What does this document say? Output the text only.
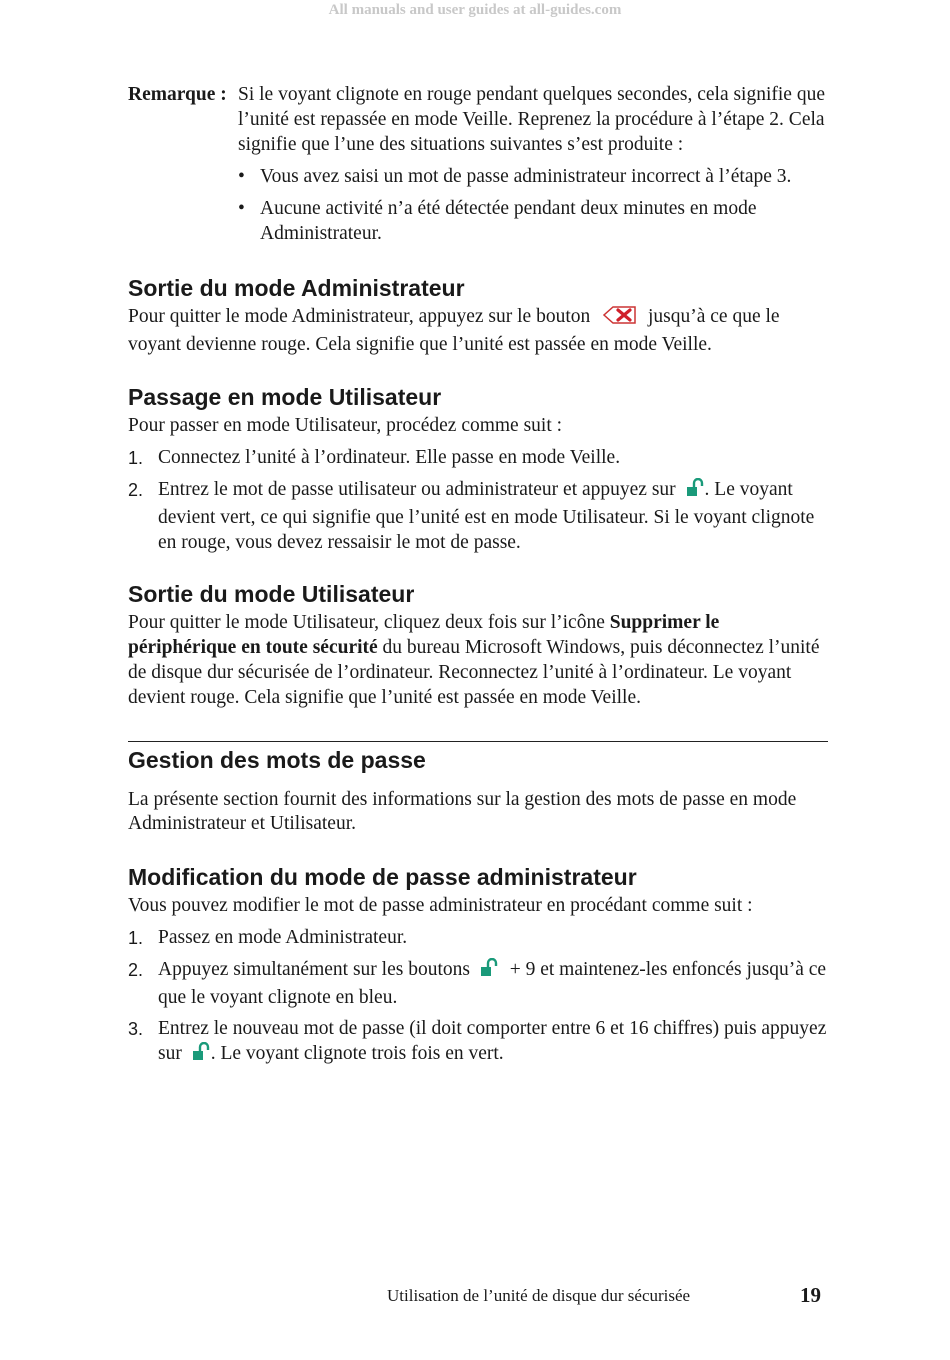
All manuals and user guides at all-guides.com
Remarque : Si le voyant clignote en rouge pendant quelques secondes, cela signifie que l’unité est repassée en mode Veille. Reprenez la procédure à l’étape 2. Cela signifie que l’une des situations suivantes s’est produite :

• Vous avez saisi un mot de passe administrateur incorrect à l’étape 3.
• Aucune activité n’a été détectée pendant deux minutes en mode Administrateur.
Sortie du mode Administrateur

Pour quitter le mode Administrateur, appuyez sur le bouton	jusqu’à ce que le voyant devienne rouge. Cela signifie que l’unité est passée en mode Veille.

Passage en mode Utilisateur

Pour passer en mode Utilisateur, procédez comme suit :

1. Connectez l’unité à l’ordinateur. Elle passe en mode Veille.
2. Entrez le mot de passe utilisateur ou administrateur et appuyez sur . Le voyant devient vert, ce qui signifie que l’unité est en mode Utilisateur. Si le voyant clignote en rouge, vous devez ressaisir le mot de passe.
Sortie du mode Utilisateur

Pour quitter le mode Utilisateur, cliquez deux fois sur l’icône Supprimer le périphérique en toute sécurité du bureau Microsoft Windows, puis déconnectez l’unité de disque dur sécurisée de l’ordinateur. Reconnectez l’unité à l’ordinateur. Le voyant devient rouge. Cela signifie que l’unité est passée en mode Veille.

Gestion des mots de passe

La présente section fournit des informations sur la gestion des mots de passe en mode Administrateur et Utilisateur.

Modification du mode de passe administrateur

Vous pouvez modifier le mot de passe administrateur en procédant comme suit :

1. Passez en mode Administrateur.
2. Appuyez simultanément sur les boutons + 9 et maintenez-les enfoncés jusqu’à ce que le voyant clignote en bleu.
3. Entrez le nouveau mot de passe (il doit comporter entre 6 et 16 chiffres) puis appuyez sur . Le voyant clignote trois fois en vert.
Utilisation de l’unité de disque dur sécurisée	19
